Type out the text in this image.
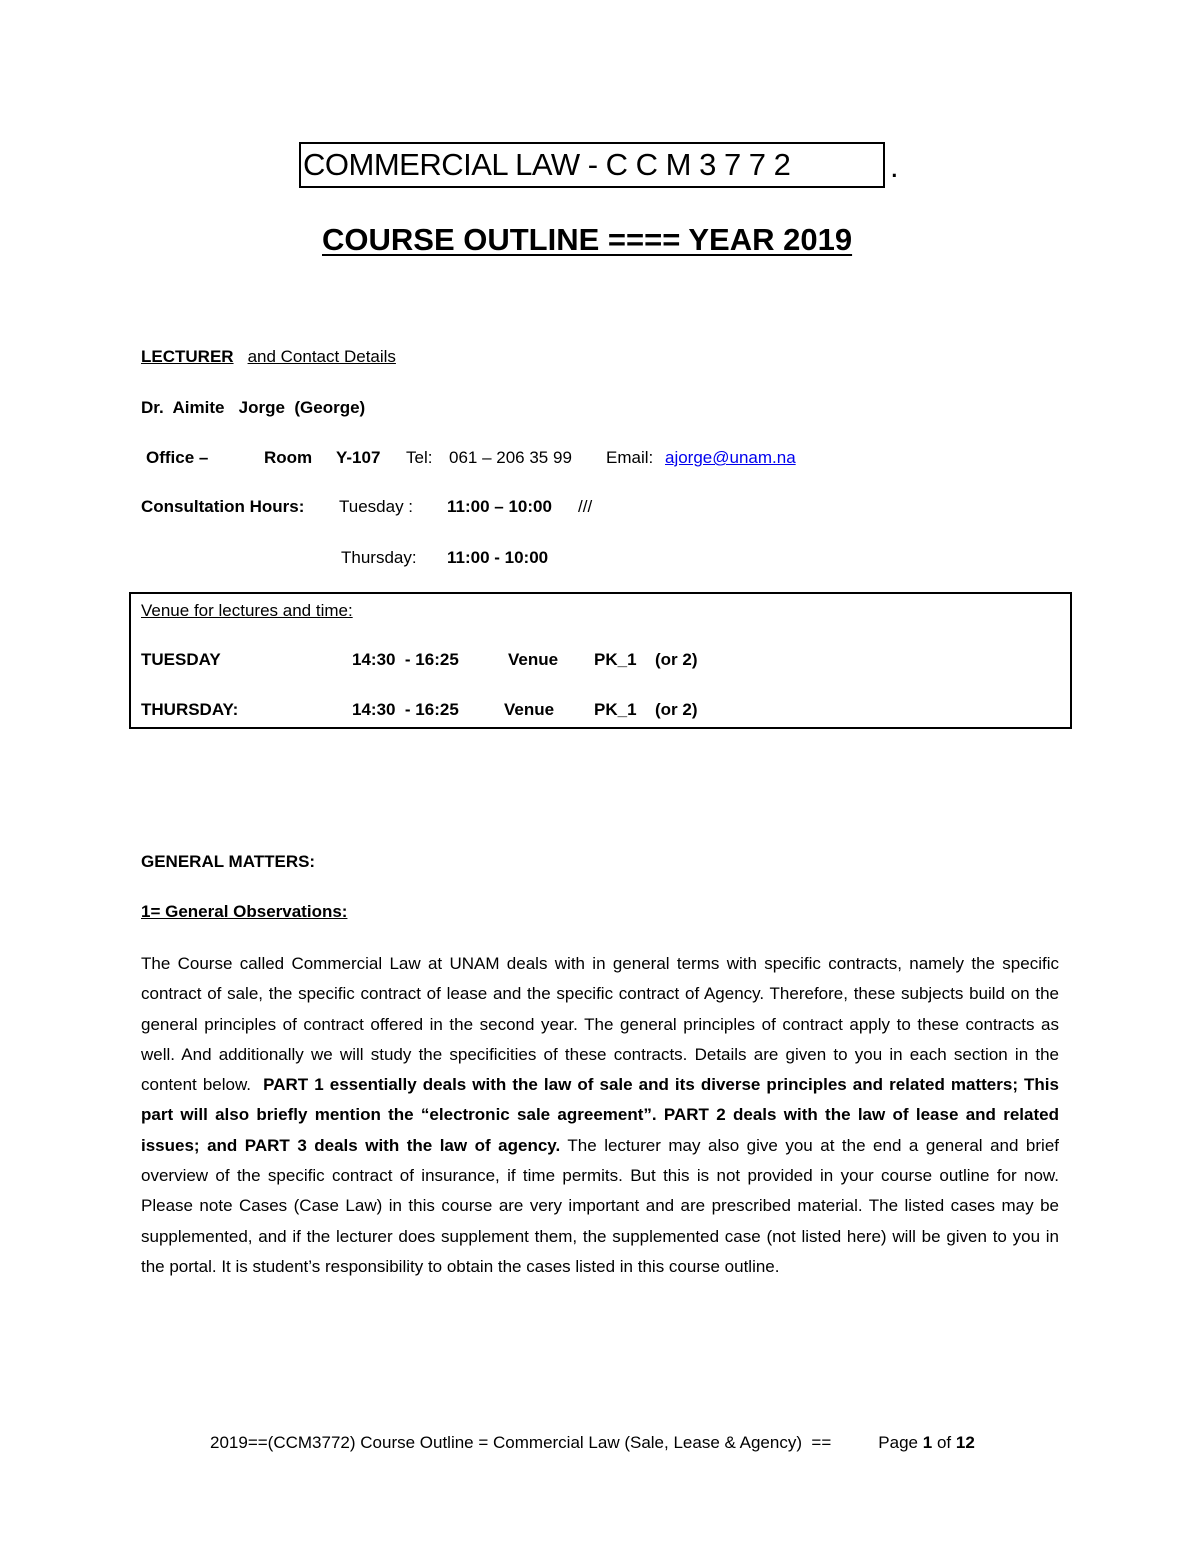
COMMERCIAL LAW - C C M 3 7 7 2	.
COURSE OUTLINE ==== YEAR 2019
LECTURER and Contact Details
Dr.  Aimite   Jorge  (George)
Office –	Room Y-107 Tel: 061 – 206 35 99 Email: ajorge@unam.na
Consultation Hours: Tuesday : 11:00 – 10:00 ///
Thursday: 11:00 - 10:00
Venue for lectures and time:
TUESDAY	14:30  - 16:25	Venue PK_1 (or 2)
THURSDAY:	14:30  - 16:25	Venue PK_1 (or 2)
GENERAL MATTERS:
1= General Observations:
The Course called Commercial Law at UNAM deals with in general terms with specific contracts, namely the specific contract of sale, the specific contract of lease and the specific contract of Agency. Therefore, these subjects build on the general principles of contract offered in the second year. The general principles of contract apply to these contracts as well. And additionally we will study the specificities of these contracts. Details are given to you in each section in the content below. PART 1 essentially deals with the law of sale and its diverse principles and related matters; This part will also briefly mention the “electronic sale agreement”. PART 2 deals with the law of lease and related issues; and PART 3 deals with the law of agency. The lecturer may also give you at the end a general and brief overview of the specific contract of insurance, if time permits. But this is not provided in your course outline for now. Please note Cases (Case Law) in this course are very important and are prescribed material. The listed cases may be supplemented, and if the lecturer does supplement them, the supplemented case (not listed here) will be given to you in the portal. It is student’s responsibility to obtain the cases listed in this course outline.
2019==(CCM3772) Course Outline = Commercial Law (Sale, Lease & Agency)  ==	Page 1 of 12
